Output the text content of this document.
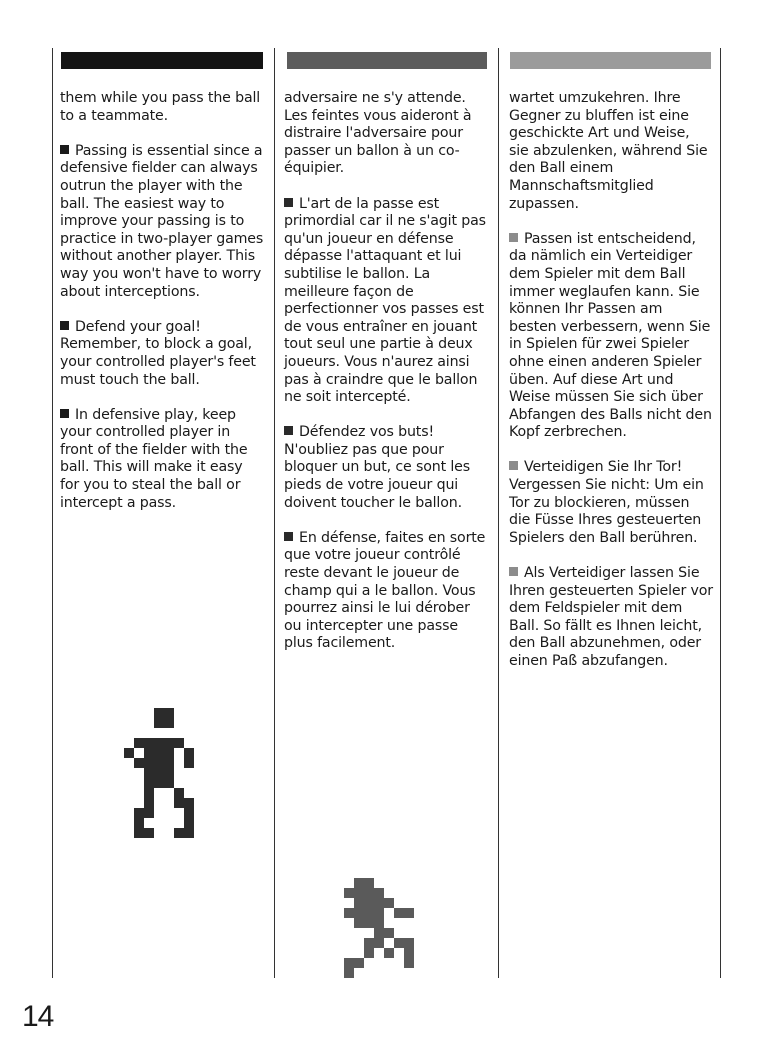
them while you pass the ball to a teammate.

Passing is essential since a defensive fielder can always outrun the player with the ball. The easiest way to improve your passing is to practice in two-player games without another player. This way you won't have to worry about interceptions.

Defend your goal! Remember, to block a goal, your controlled player's feet must touch the ball.

In defensive play, keep your controlled player in front of the fielder with the ball. This will make it easy for you to steal the ball or intercept a pass.

adversaire ne s'y attende. Les feintes vous aideront à distraire l'adversaire pour passer un ballon à un co-équipier.

L'art de la passe est primordial car il ne s'agit pas qu'un joueur en défense dépasse l'attaquant et lui subtilise le ballon. La meilleure façon de perfectionner vos passes est de vous entraîner en jouant tout seul une partie à deux joueurs. Vous n'aurez ainsi pas à craindre que le ballon ne soit intercepté.

Défendez vos buts! N'oubliez pas que pour bloquer un but, ce sont les pieds de votre joueur qui doivent toucher le ballon.

En défense, faites en sorte que votre joueur contrôlé reste devant le joueur de champ qui a le ballon. Vous pourrez ainsi le lui dérober ou intercepter une passe plus facilement.

wartet umzukehren. Ihre Gegner zu bluffen ist eine geschickte Art und Weise, sie abzulenken, während Sie den Ball einem Mannschaftsmitglied zupassen.

Passen ist entscheidend, da nämlich ein Verteidiger dem Spieler mit dem Ball immer weglaufen kann. Sie können Ihr Passen am besten verbessern, wenn Sie in Spielen für zwei Spieler ohne einen anderen Spieler üben. Auf diese Art und Weise müssen Sie sich über Abfangen des Balls nicht den Kopf zerbrechen.

Verteidigen Sie Ihr Tor! Vergessen Sie nicht: Um ein Tor zu blockieren, müssen die Füsse Ihres gesteuerten Spielers den Ball berühren.

Als Verteidiger lassen Sie Ihren gesteuerten Spieler vor dem Feldspieler mit dem Ball. So fällt es Ihnen leicht, den Ball abzunehmen, oder einen Paß abzufangen.

14
